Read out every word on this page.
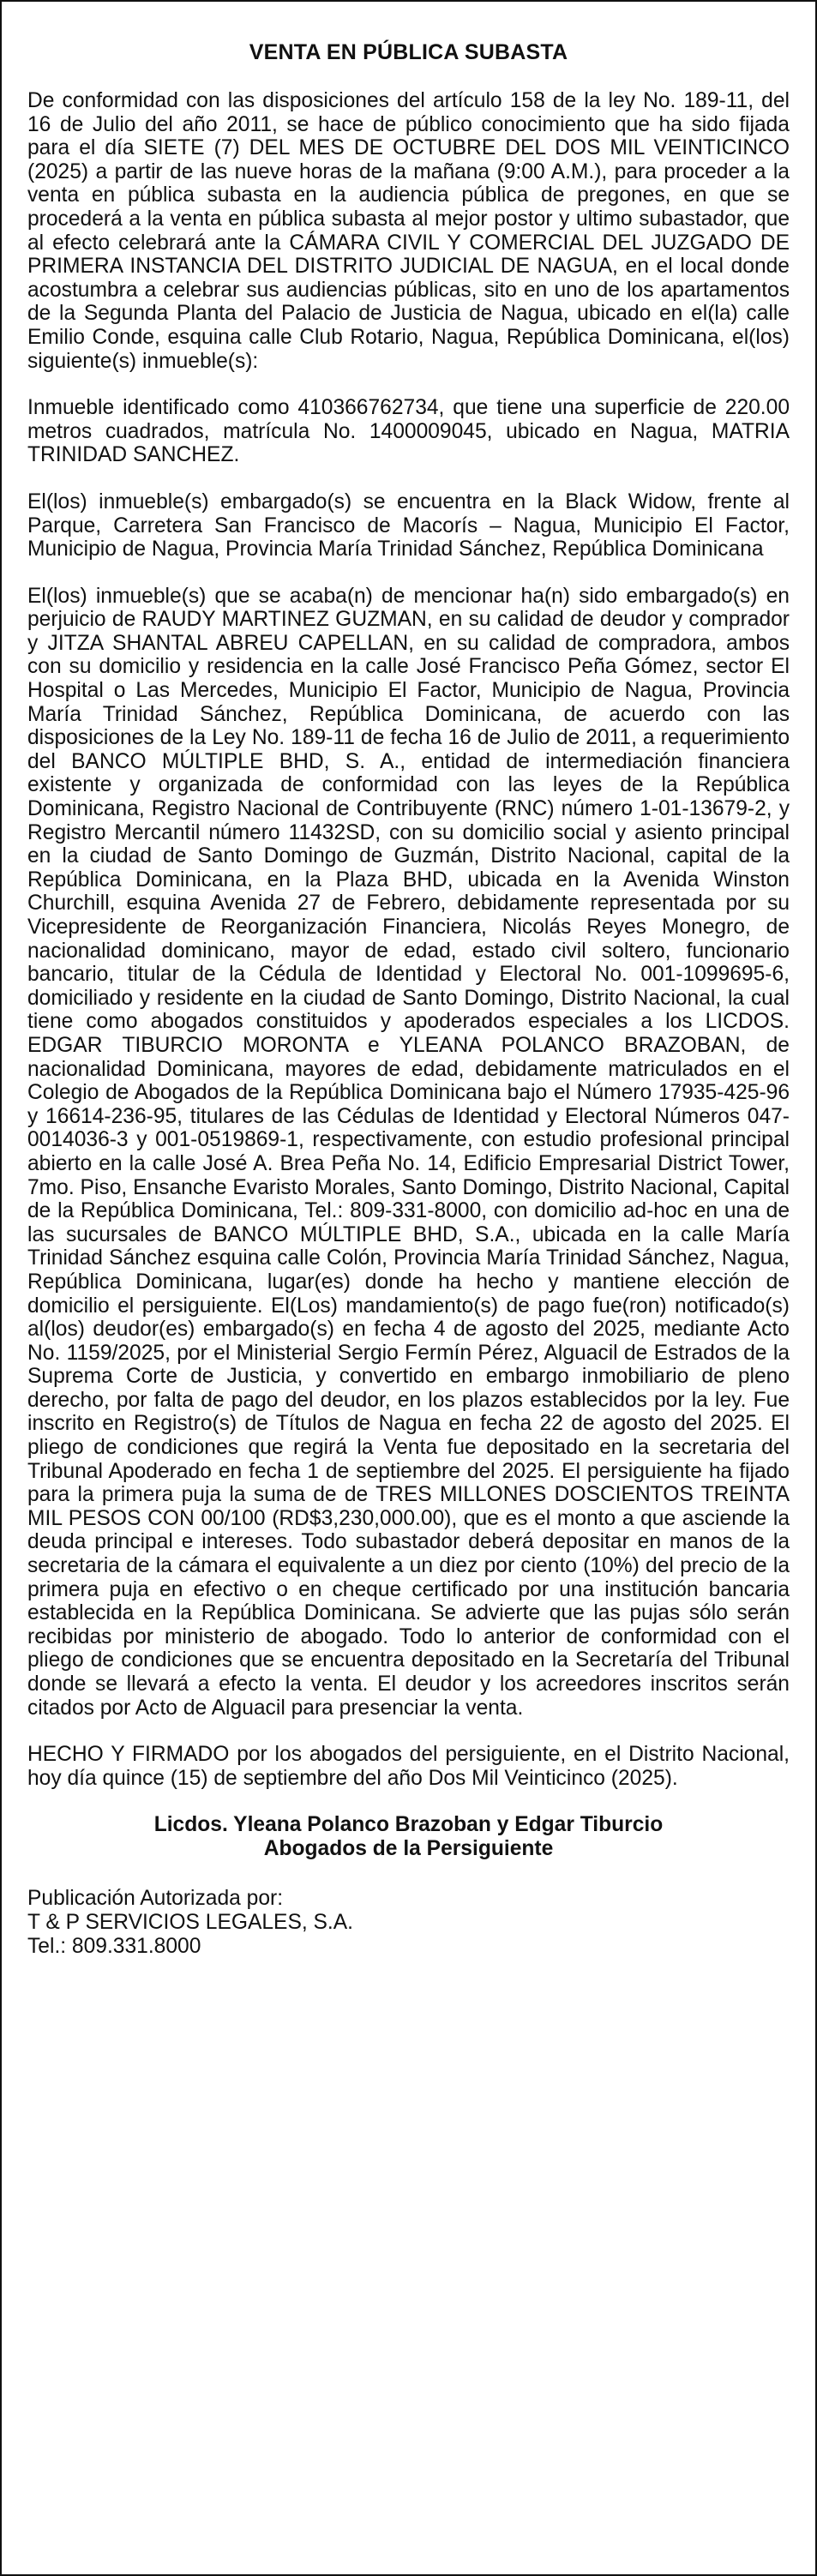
VENTA EN PÚBLICA SUBASTA

De conformidad con las disposiciones del artículo 158 de la ley No. 189-11, del 16 de Julio del año 2011, se hace de público conocimiento que ha sido fijada para el día SIETE (7) DEL MES DE OCTUBRE DEL DOS MIL VEINTICINCO (2025) a partir de las nueve horas de la mañana (9:00 A.M.), para proceder a la venta en pública subasta en la audiencia pública de pregones, en que se procederá a la venta en pública subasta al mejor postor y ultimo subastador, que al efecto celebrará ante la CÁMARA CIVIL Y COMERCIAL DEL JUZGADO DE PRIMERA INSTANCIA DEL DISTRITO JUDICIAL DE NAGUA, en el local donde acostumbra a celebrar sus audiencias públicas, sito en uno de los apartamentos de la Segunda Planta del Palacio de Justicia de Nagua, ubicado en el(la) calle Emilio Conde, esquina calle Club Rotario, Nagua, República Dominicana, el(los) siguiente(s) inmueble(s):

Inmueble identificado como 410366762734, que tiene una superficie de 220.00 metros cuadrados, matrícula No. 1400009045, ubicado en Nagua, MATRIA TRINIDAD SANCHEZ.

El(los) inmueble(s) embargado(s) se encuentra en la Black Widow, frente al Parque, Carretera San Francisco de Macorís – Nagua, Municipio El Factor, Municipio de Nagua, Provincia María Trinidad Sánchez, República Dominicana

El(los) inmueble(s) que se acaba(n) de mencionar ha(n) sido embargado(s) en perjuicio de RAUDY MARTINEZ GUZMAN, en su calidad de deudor y comprador y JITZA SHANTAL ABREU CAPELLAN, en su calidad de compradora, ambos con su domicilio y residencia en la calle José Francisco Peña Gómez, sector El Hospital o Las Mercedes, Municipio El Factor, Municipio de Nagua, Provincia María Trinidad Sánchez, República Dominicana, de acuerdo con las disposiciones de la Ley No. 189-11 de fecha 16 de Julio de 2011, a requerimiento del BANCO MÚLTIPLE BHD, S. A., entidad de intermediación financiera existente y organizada de conformidad con las leyes de la República Dominicana, Registro Nacional de Contribuyente (RNC) número 1-01-13679-2, y Registro Mercantil número 11432SD, con su domicilio social y asiento principal en la ciudad de Santo Domingo de Guzmán, Distrito Nacional, capital de la República Dominicana, en la Plaza BHD, ubicada en la Avenida Winston Churchill, esquina Avenida 27 de Febrero, debidamente representada por su Vicepresidente de Reorganización Financiera, Nicolás Reyes Monegro, de nacionalidad dominicano, mayor de edad, estado civil soltero, funcionario bancario, titular de la Cédula de Identidad y Electoral No. 001-1099695-6, domiciliado y residente en la ciudad de Santo Domingo, Distrito Nacional, la cual tiene como abogados constituidos y apoderados especiales a los LICDOS. EDGAR TIBURCIO MORONTA e YLEANA POLANCO BRAZOBAN, de nacionalidad Dominicana, mayores de edad, debidamente matriculados en el Colegio de Abogados de la República Dominicana bajo el Número 17935-425-96 y 16614-236-95, titulares de las Cédulas de Identidad y Electoral Números 047-0014036-3 y 001-0519869-1, respectivamente, con estudio profesional principal abierto en la calle José A. Brea Peña No. 14, Edificio Empresarial District Tower, 7mo. Piso, Ensanche Evaristo Morales, Santo Domingo, Distrito Nacional, Capital de la República Dominicana, Tel.: 809-331-8000, con domicilio ad-hoc en una de las sucursales de BANCO MÚLTIPLE BHD, S.A., ubicada en la calle María Trinidad Sánchez esquina calle Colón, Provincia María Trinidad Sánchez, Nagua, República Dominicana, lugar(es) donde ha hecho y mantiene elección de domicilio el persiguiente. El(Los) mandamiento(s) de pago fue(ron) notificado(s) al(los) deudor(es) embargado(s) en fecha 4 de agosto del 2025, mediante Acto No. 1159/2025, por el Ministerial Sergio Fermín Pérez, Alguacil de Estrados de la Suprema Corte de Justicia, y convertido en embargo inmobiliario de pleno derecho, por falta de pago del deudor, en los plazos establecidos por la ley. Fue inscrito en Registro(s) de Títulos de Nagua en fecha 22 de agosto del 2025. El pliego de condiciones que regirá la Venta fue depositado en la secretaria del Tribunal Apoderado en fecha 1 de septiembre del 2025. El persiguiente ha fijado para la primera puja la suma de de TRES MILLONES DOSCIENTOS TREINTA MIL PESOS CON 00/100 (RD$3,230,000.00), que es el monto a que asciende la deuda principal e intereses. Todo subastador deberá depositar en manos de la secretaria de la cámara el equivalente a un diez por ciento (10%) del precio de la primera puja en efectivo o en cheque certificado por una institución bancaria establecida en la República Dominicana. Se advierte que las pujas sólo serán recibidas por ministerio de abogado. Todo lo anterior de conformidad con el pliego de condiciones que se encuentra depositado en la Secretaría del Tribunal donde se llevará a efecto la venta. El deudor y los acreedores inscritos serán citados por Acto de Alguacil para presenciar la venta.

HECHO Y FIRMADO por los abogados del persiguiente, en el Distrito Nacional, hoy día quince (15) de septiembre del año Dos Mil Veinticinco (2025).

Licdos. Yleana Polanco Brazoban y Edgar Tiburcio
Abogados de la Persiguiente
Publicación Autorizada por:
T & P SERVICIOS LEGALES, S.A.
Tel.: 809.331.8000
